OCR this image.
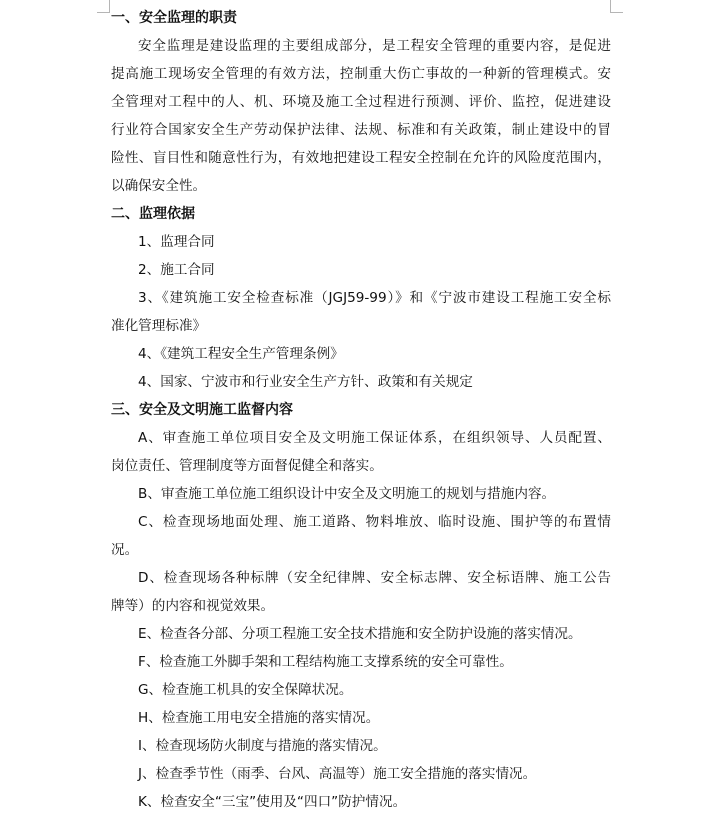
一、安全监理的职责
安全监理是建设监理的主要组成部分，是工程安全管理的重要内容，是促进
提高施工现场安全管理的有效方法，控制重大伤亡事故的一种新的管理模式。安
全管理对工程中的人、机、环境及施工全过程进行预测、评价、监控，促进建设
行业符合国家安全生产劳动保护法律、法规、标准和有关政策，制止建设中的冒
险性、盲目性和随意性行为，有效地把建设工程安全控制在允许的风险度范围内，
以确保安全性。
二、监理依据
1、监理合同
2、施工合同
3、《建筑施工安全检查标准（JGJ59-99）》和《宁波市建设工程施工安全标
准化管理标准》
4、《建筑工程安全生产管理条例》
4、国家、宁波市和行业安全生产方针、政策和有关规定
三、安全及文明施工监督内容
A、审查施工单位项目安全及文明施工保证体系，在组织领导、人员配置、
岗位责任、管理制度等方面督促健全和落实。
B、审查施工单位施工组织设计中安全及文明施工的规划与措施内容。
C、检查现场地面处理、施工道路、物料堆放、临时设施、围护等的布置情
况。
D、检查现场各种标牌（安全纪律牌、安全标志牌、安全标语牌、施工公告
牌等）的内容和视觉效果。
E、检查各分部、分项工程施工安全技术措施和安全防护设施的落实情况。
F、检查施工外脚手架和工程结构施工支撑系统的安全可靠性。
G、检查施工机具的安全保障状况。
H、检查施工用电安全措施的落实情况。
I、检查现场防火制度与措施的落实情况。
J、检查季节性（雨季、台风、高温等）施工安全措施的落实情况。
K、检查安全“三宝”使用及“四口”防护情况。
